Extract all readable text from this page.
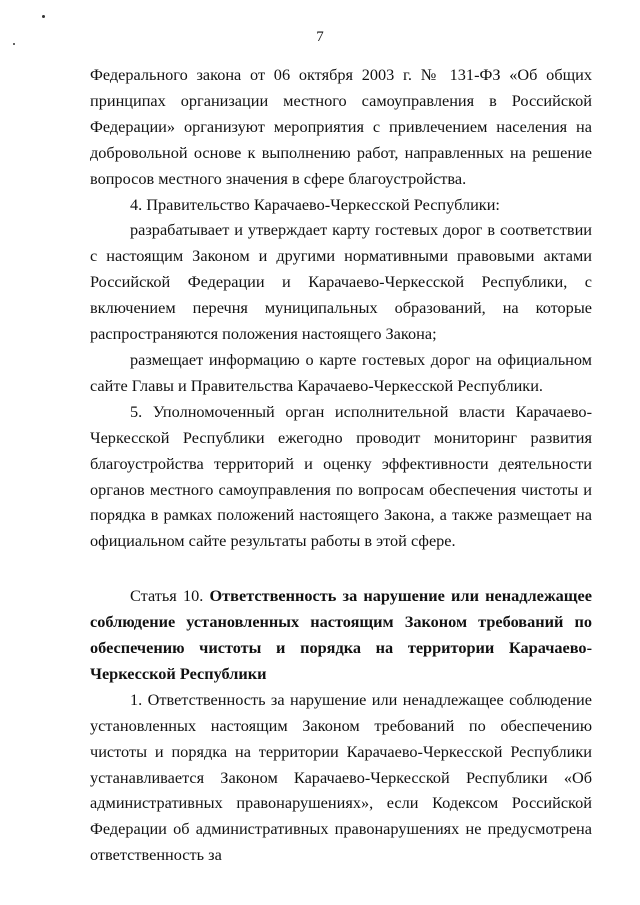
7

Федерального закона от 06 октября 2003 г. № 131-ФЗ «Об общих принципах организации местного самоуправления в Российской Федерации» организуют мероприятия с привлечением населения на добровольной основе к выполнению работ, направленных на решение вопросов местного значения в сфере благоустройства.

4. Правительство Карачаево-Черкесской Республики:

разрабатывает и утверждает карту гостевых дорог в соответствии с настоящим Законом и другими нормативными правовыми актами Российской Федерации и Карачаево-Черкесской Республики, с включением перечня муниципальных образований, на которые распространяются положения настоящего Закона;

размещает информацию о карте гостевых дорог на официальном сайте Главы и Правительства Карачаево-Черкесской Республики.

5. Уполномоченный орган исполнительной власти Карачаево-Черкесской Республики ежегодно проводит мониторинг развития благоустройства территорий и оценку эффективности деятельности органов местного самоуправления по вопросам обеспечения чистоты и порядка в рамках положений настоящего Закона, а также размещает на официальном сайте результаты работы в этой сфере.

Статья 10. Ответственность за нарушение или ненадлежащее соблюдение установленных настоящим Законом требований по обеспечению чистоты и порядка на территории Карачаево-Черкесской Республики

1. Ответственность за нарушение или ненадлежащее соблюдение установленных настоящим Законом требований по обеспечению чистоты и порядка на территории Карачаево-Черкесской Республики устанавливается Законом Карачаево-Черкесской Республики «Об административных правонарушениях», если Кодексом Российской Федерации об административных правонарушениях не предусмотрена ответственность за
